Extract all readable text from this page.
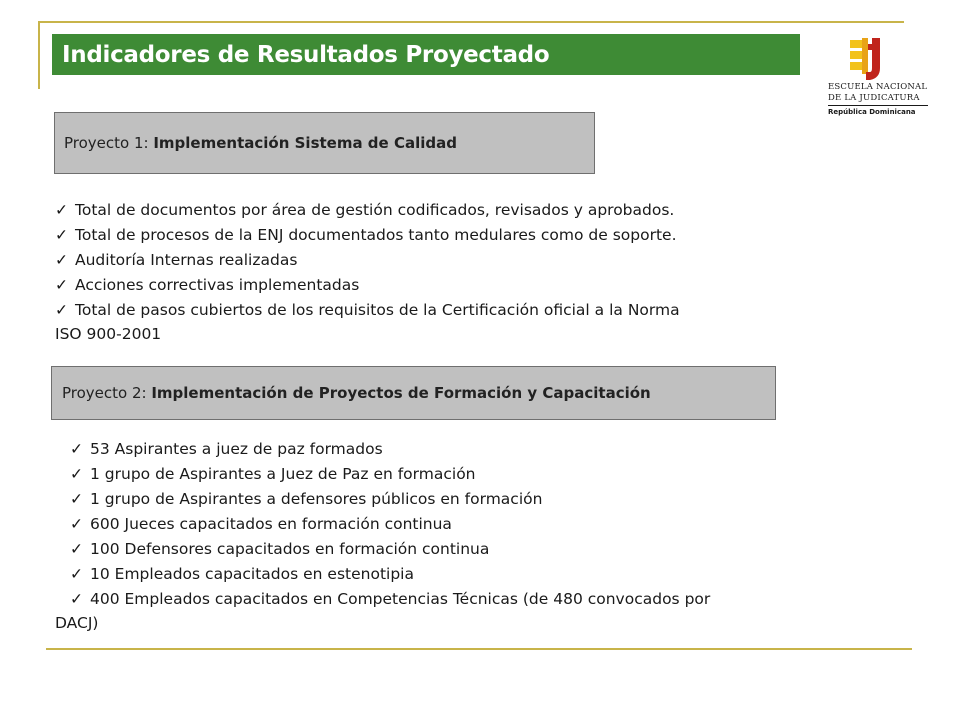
Indicadores de Resultados Proyectado
ESCUELA NACIONAL
DE LA JUDICATURA
República Dominicana
Proyecto 1: Implementación Sistema de Calidad
✓ Total de documentos por área de gestión codificados, revisados y aprobados.
✓ Total de procesos de la ENJ documentados tanto medulares como de soporte.
✓ Auditoría Internas realizadas
✓ Acciones correctivas implementadas
✓ Total de pasos cubiertos de los requisitos de la Certificación oficial a la Norma
ISO 900-2001
Proyecto 2: Implementación de Proyectos de Formación y Capacitación
✓ 53 Aspirantes a juez de paz formados
✓ 1 grupo de Aspirantes a Juez de Paz en formación
✓ 1 grupo de Aspirantes a defensores públicos en formación
✓ 600 Jueces capacitados en formación continua
✓ 100 Defensores capacitados en formación continua
✓ 10 Empleados capacitados en estenotipia
✓ 400 Empleados capacitados en Competencias Técnicas (de 480 convocados por
DACJ)
